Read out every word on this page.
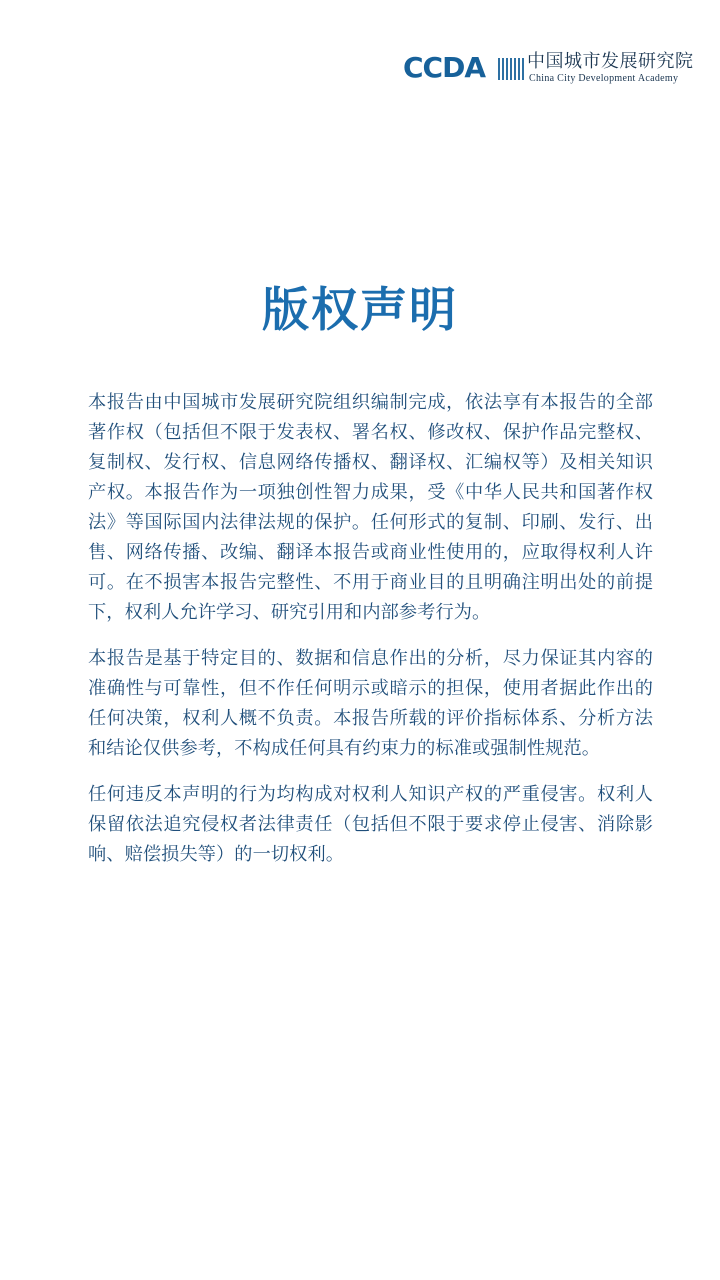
CCDA 中国城市发展研究院
China City Development Academy
版权声明

本报告由中国城市发展研究院组织编制完成，依法享有本报告的全部著作权（包括但不限于发表权、署名权、修改权、保护作品完整权、复制权、发行权、信息网络传播权、翻译权、汇编权等）及相关知识产权。本报告作为一项独创性智力成果，受《中华人民共和国著作权法》等国际国内法律法规的保护。任何形式的复制、印刷、发行、出售、网络传播、改编、翻译本报告或商业性使用的，应取得权利人许可。在不损害本报告完整性、不用于商业目的且明确注明出处的前提下，权利人允许学习、研究引用和内部参考行为。

本报告是基于特定目的、数据和信息作出的分析，尽力保证其内容的准确性与可靠性，但不作任何明示或暗示的担保，使用者据此作出的任何决策，权利人概不负责。本报告所载的评价指标体系、分析方法和结论仅供参考，不构成任何具有约束力的标准或强制性规范。

任何违反本声明的行为均构成对权利人知识产权的严重侵害。权利人保留依法追究侵权者法律责任（包括但不限于要求停止侵害、消除影响、赔偿损失等）的一切权利。
